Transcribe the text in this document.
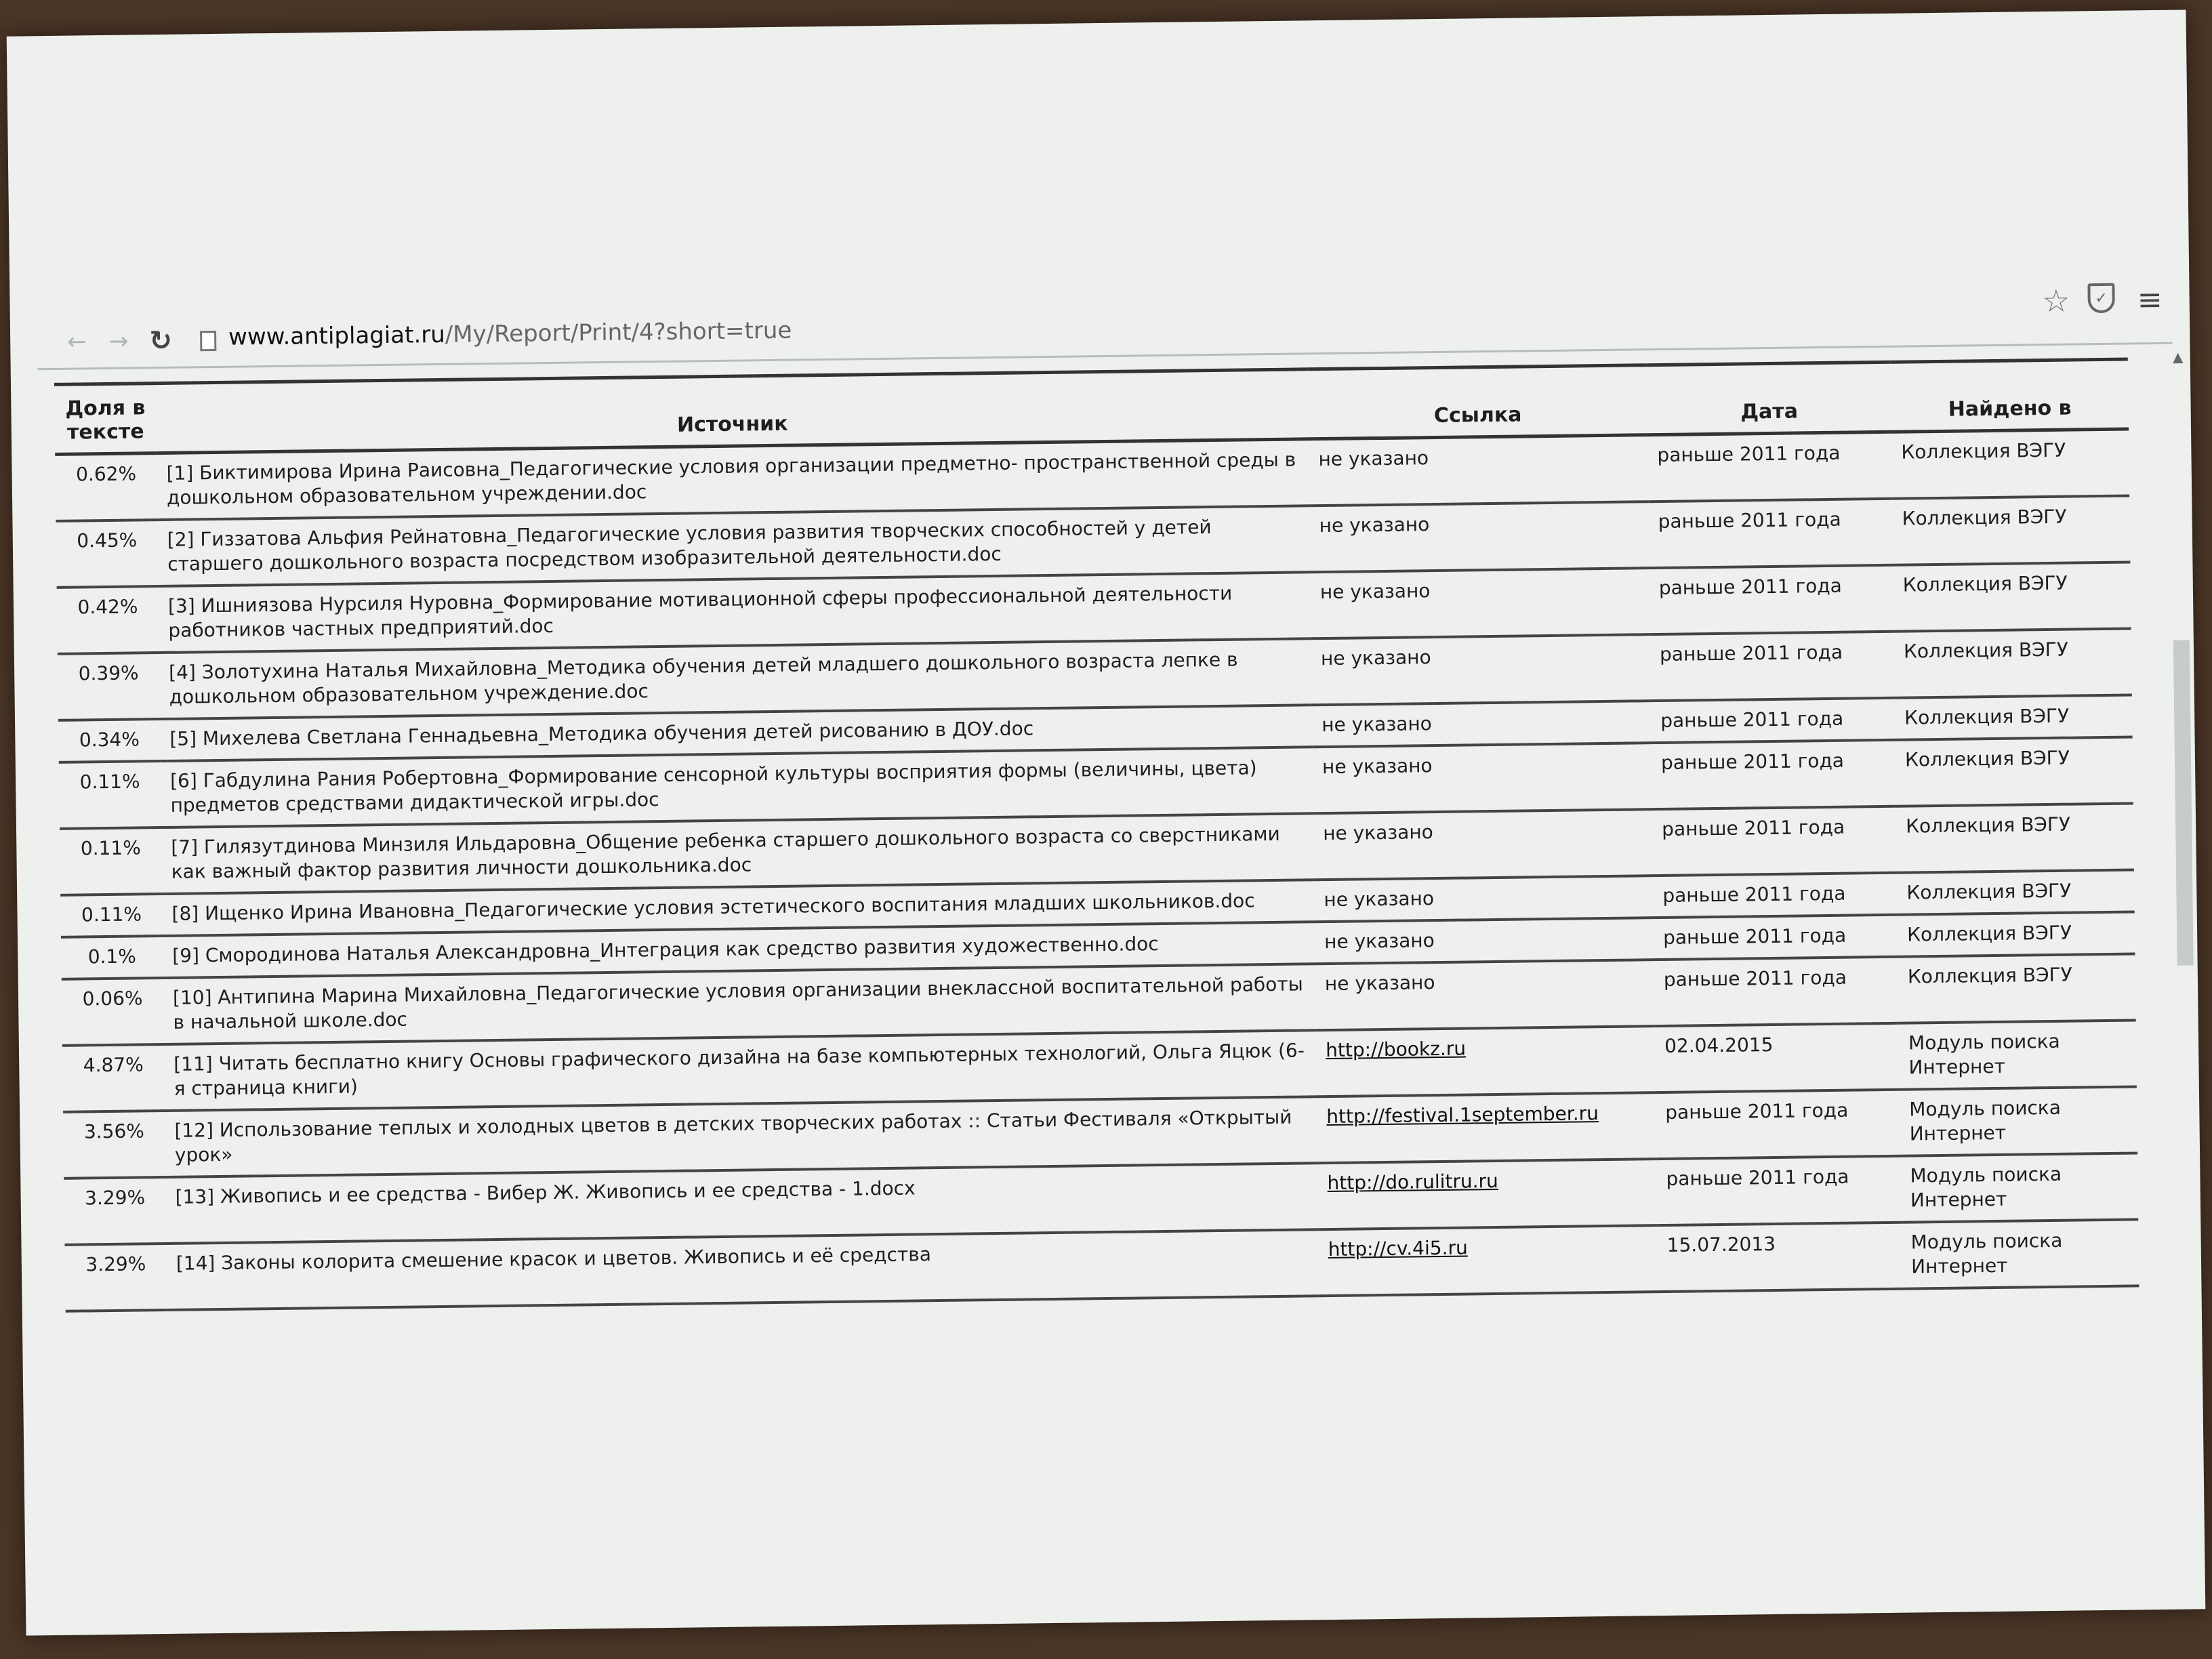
← → ↻ www.antiplagiat.ru/My/Report/Print/4?short=true
☆	✓ ≡
▲
Доля в тексте	Источник	Ссылка	Дата	Найдено в
0.62%	[1] Биктимирова Ирина Раисовна_Педагогические условия организации предметно- пространственной среды в дошкольном образовательном учреждении.doc	не указано	раньше 2011 года	Коллекция ВЭГУ
0.45%	[2] Гиззатова Альфия Рейнатовна_Педагогические условия развития творческих способностей у детей старшего дошкольного возраста посредством изобразительной деятельности.doc	не указано	раньше 2011 года	Коллекция ВЭГУ
0.42%	[3] Ишниязова Нурсиля Нуровна_Формирование мотивационной сферы профессиональной деятельности работников частных предприятий.doc	не указано	раньше 2011 года	Коллекция ВЭГУ
0.39%	[4] Золотухина Наталья Михайловна_Методика обучения детей младшего дошкольного возраста лепке в дошкольном образовательном учреждение.doc	не указано	раньше 2011 года	Коллекция ВЭГУ
0.34%	[5] Михелева Светлана Геннадьевна_Методика обучения детей рисованию в ДОУ.doc	не указано	раньше 2011 года	Коллекция ВЭГУ
0.11%	[6] Габдулина Рания Робертовна_Формирование сенсорной культуры восприятия формы (величины, цвета) предметов средствами дидактической игры.doc	не указано	раньше 2011 года	Коллекция ВЭГУ
0.11%	[7] Гилязутдинова Минзиля Ильдаровна_Общение ребенка старшего дошкольного возраста со сверстниками как важный фактор развития личности дошкольника.doc	не указано	раньше 2011 года	Коллекция ВЭГУ
0.11%	[8] Ищенко Ирина Ивановна_Педагогические условия эстетического воспитания младших школьников.doc	не указано	раньше 2011 года	Коллекция ВЭГУ
0.1%	[9] Смородинова Наталья Александровна_Интеграция как средство развития художественно.doc	не указано	раньше 2011 года	Коллекция ВЭГУ
0.06%	[10] Антипина Марина Михайловна_Педагогические условия организации внеклассной воспитательной работы в начальной школе.doc	не указано	раньше 2011 года	Коллекция ВЭГУ
4.87%	[11] Читать бесплатно книгу Основы графического дизайна на базе компьютерных технологий, Ольга Яцюк (6-я страница книги)	http://bookz.ru	02.04.2015	Модуль поиска Интернет
3.56%	[12] Использование теплых и холодных цветов в детских творческих работах :: Статьи Фестиваля «Открытый урок»	http://festival.1september.ru	раньше 2011 года	Модуль поиска Интернет
3.29%	[13] Живопись и ее средства - Вибер Ж. Живопись и ее средства - 1.docx	http://do.rulitru.ru	раньше 2011 года	Модуль поиска Интернет
3.29%	[14] Законы колорита смешение красок и цветов. Живопись и её средства	http://cv.4i5.ru	15.07.2013	Модуль поиска Интернет
